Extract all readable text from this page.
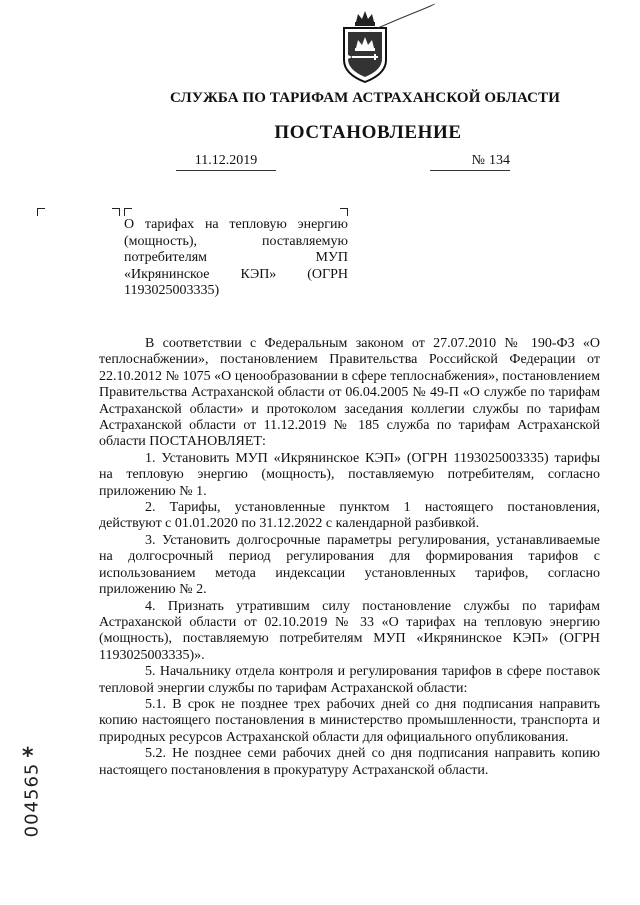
СЛУЖБА ПО ТАРИФАМ АСТРАХАНСКОЙ ОБЛАСТИ
ПОСТАНОВЛЕНИЕ
11.12.2019	№ 134
О тарифах на тепловую энергию
(мощность), поставляемую
потребителям МУП
«Икрянинское КЭП» (ОГРН
1193025003335)

В соответствии с Федеральным законом от 27.07.2010 № 190-ФЗ «О теплоснабжении», постановлением Правительства Российской Федерации от 22.10.2012 № 1075 «О ценообразовании в сфере теплоснабжения», постановлением Правительства Астраханской области от 06.04.2005 № 49-П «О службе по тарифам Астраханской области» и протоколом заседания коллегии службы по тарифам Астраханской области от 11.12.2019 № 185 служба по тарифам Астраханской области ПОСТАНОВЛЯЕТ:

1. Установить МУП «Икрянинское КЭП» (ОГРН 1193025003335) тарифы на тепловую энергию (мощность), поставляемую потребителям, согласно приложению № 1.

2. Тарифы, установленные пунктом 1 настоящего постановления, действуют с 01.01.2020 по 31.12.2022 с календарной разбивкой.

3. Установить долгосрочные параметры регулирования, устанавливаемые на долгосрочный период регулирования для формирования тарифов с использованием метода индексации установленных тарифов, согласно приложению № 2.

4. Признать утратившим силу постановление службы по тарифам Астраханской области от 02.10.2019 № 33 «О тарифах на тепловую энергию (мощность), поставляемую потребителям МУП «Икрянинское КЭП» (ОГРН 1193025003335)».

5. Начальнику отдела контроля и регулирования тарифов в сфере поставок тепловой энергии службы по тарифам Астраханской области:

5.1. В срок не позднее трех рабочих дней со дня подписания направить копию настоящего постановления в министерство промышленности, транспорта и природных ресурсов Астраханской области для официального опубликования.

5.2. Не позднее семи рабочих дней со дня подписания направить копию настоящего постановления в прокуратуру Астраханской области.

*
004565
